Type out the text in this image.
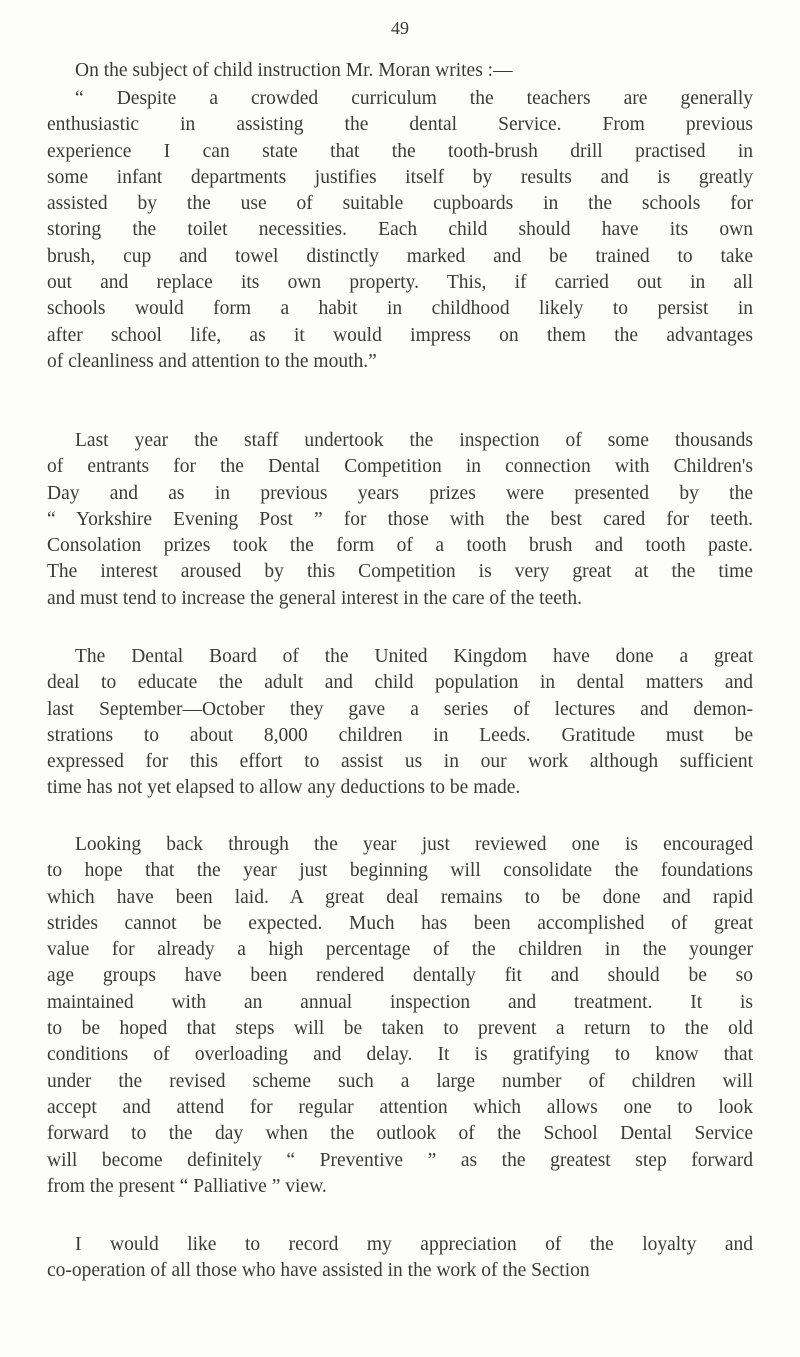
49
On the subject of child instruction Mr. Moran writes :—
“ Despite a crowded curriculum the teachers are generally
enthusiastic in assisting the dental Service. From previous
experience I can state that the tooth-brush drill practised in
some infant departments justifies itself by results and is greatly
assisted by the use of suitable cupboards in the schools for
storing the toilet necessities. Each child should have its own
brush, cup and towel distinctly marked and be trained to take
out and replace its own property. This, if carried out in all
schools would form a habit in childhood likely to persist in
after school life, as it would impress on them the advantages
of cleanliness and attention to the mouth.”
Last year the staff undertook the inspection of some thousands
of entrants for the Dental Competition in connection with Children's
Day and as in previous years prizes were presented by the
“ Yorkshire Evening Post ” for those with the best cared for teeth.
Consolation prizes took the form of a tooth brush and tooth paste.
The interest aroused by this Competition is very great at the time
and must tend to increase the general interest in the care of the teeth.
The Dental Board of the United Kingdom have done a great
deal to educate the adult and child population in dental matters and
last September—October they gave a series of lectures and demon-
strations to about 8,000 children in Leeds. Gratitude must be
expressed for this effort to assist us in our work although sufficient
time has not yet elapsed to allow any deductions to be made.
Looking back through the year just reviewed one is encouraged
to hope that the year just beginning will consolidate the foundations
which have been laid. A great deal remains to be done and rapid
strides cannot be expected. Much has been accomplished of great
value for already a high percentage of the children in the younger
age groups have been rendered dentally fit and should be so
maintained with an annual inspection and treatment. It is
to be hoped that steps will be taken to prevent a return to the old
conditions of overloading and delay. It is gratifying to know that
under the revised scheme such a large number of children will
accept and attend for regular attention which allows one to look
forward to the day when the outlook of the School Dental Service
will become definitely “ Preventive ” as the greatest step forward
from the present “ Palliative ” view.
I would like to record my appreciation of the loyalty and
co-operation of all those who have assisted in the work of the Section
